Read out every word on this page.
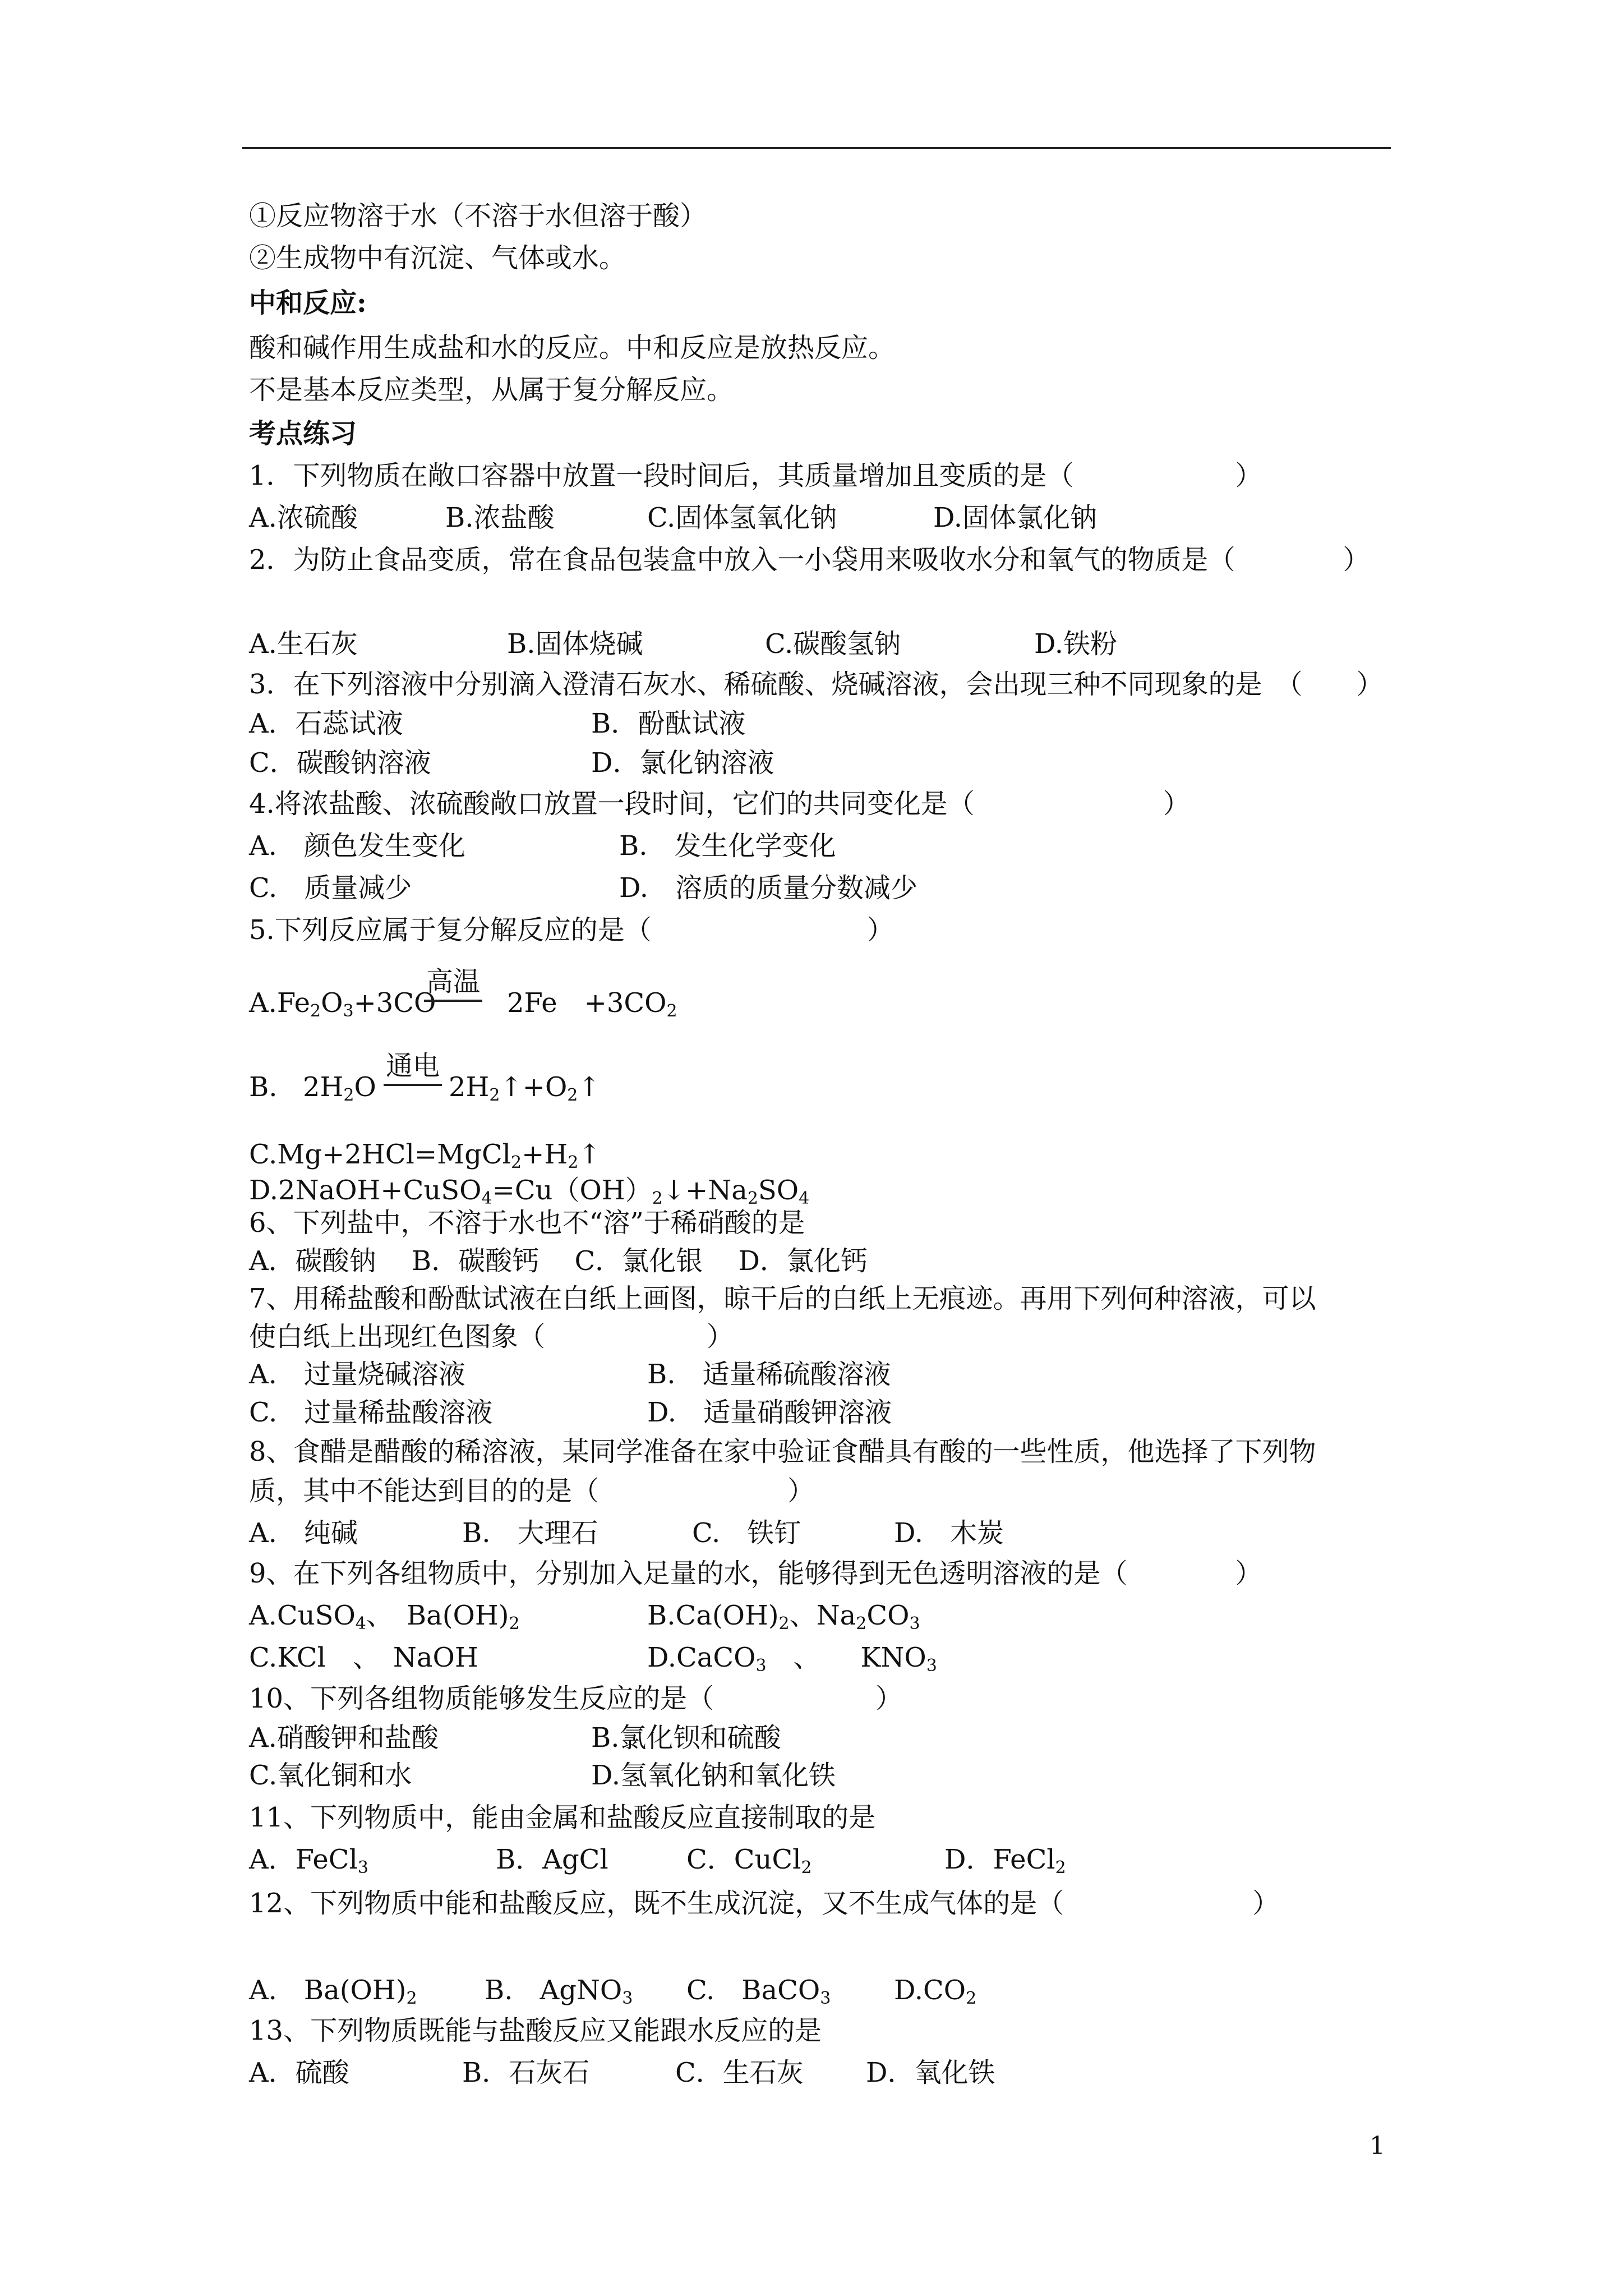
①反应物溶于水（不溶于水但溶于酸）
②生成物中有沉淀、气体或水。
中和反应:
酸和碱作用生成盐和水的反应。中和反应是放热反应。
不是基本反应类型，从属于复分解反应。
考点练习
1．下列物质在敞口容器中放置一段时间后，其质量增加且变质的是（　　　　　　）
A.浓硫酸	B.浓盐酸	C.固体氢氧化钠	D.固体氯化钠
2．为防止食品变质，常在食品包装盒中放入一小袋用来吸收水分和氧气的物质是（　　　　）
A.生石灰	B.固体烧碱	C.碳酸氢钠	D.铁粉
3．在下列溶液中分别滴入澄清石灰水、稀硫酸、烧碱溶液，会出现三种不同现象的是　（　　）
A．石蕊试液	B．酚酞试液
C．碳酸钠溶液	D．氯化钠溶液
4.将浓盐酸、浓硫酸敞口放置一段时间，它们的共同变化是（　　　　　　　）
A.　颜色发生变化	B.　发生化学变化
C.　质量减少	D.　溶质的质量分数减少
5.下列反应属于复分解反应的是（　　　　　　　　）
$A.Fe_2O_3+3CO$
高温
2Fe　$+3CO_2$
B. $2H_2O$
通电
$2H_2↑+O_2↑$
$C.Mg+2HCl=MgCl_2+H_2↑$
$D.2NaOH+CuSO_4=Cu(OH)_2↓+Na_2SO_4$
6、下列盐中，不溶于水也不“溶”于稀硝酸的是
A．碳酸钠　 B．碳酸钙　 C．氯化银　 D．氯化钙
7、用稀盐酸和酚酞试液在白纸上画图，晾干后的白纸上无痕迹。再用下列何种溶液，可以
使白纸上出现红色图象（　　　　　　）
A.　过量烧碱溶液	B.　适量稀硫酸溶液
C.　过量稀盐酸溶液	D.　适量硝酸钾溶液
8、食醋是醋酸的稀溶液，某同学准备在家中验证食醋具有酸的一些性质，他选择了下列物
质，其中不能达到目的的是（　　　　　　　）
A.　纯碱	B.　大理石	C.　铁钉	D.　木炭
9、在下列各组物质中，分别加入足量的水，能够得到无色透明溶液的是（　　　　）
A.CuSO$_4$、　$Ba(OH)_2$	$B.Ca(OH)_2$、$Na_2CO_3$
C.KCl　、　NaOH	D.CaCO$_3$　、　　$KNO_3$
10、下列各组物质能够发生反应的是（　　　　　　）
A.硝酸钾和盐酸	B.氯化钡和硫酸
C.氧化铜和水	D.氢氧化钠和氧化铁
11、下列物质中，能由金属和盐酸反应直接制取的是
A．FeCl$_3$	B．AgCl	C．CuCl$_2$	D．FeCl$_2$
12、下列物质中能和盐酸反应，既不生成沉淀，又不生成气体的是（　　　　　　　）
A.　$Ba(OH)_2$	B.　AgNO$_3$ C.　BaCO$_3$ $D.CO_2$
13、下列物质既能与盐酸反应又能跟水反应的是
A．硫酸	B．石灰石	C．生石灰 D．氧化铁
1
